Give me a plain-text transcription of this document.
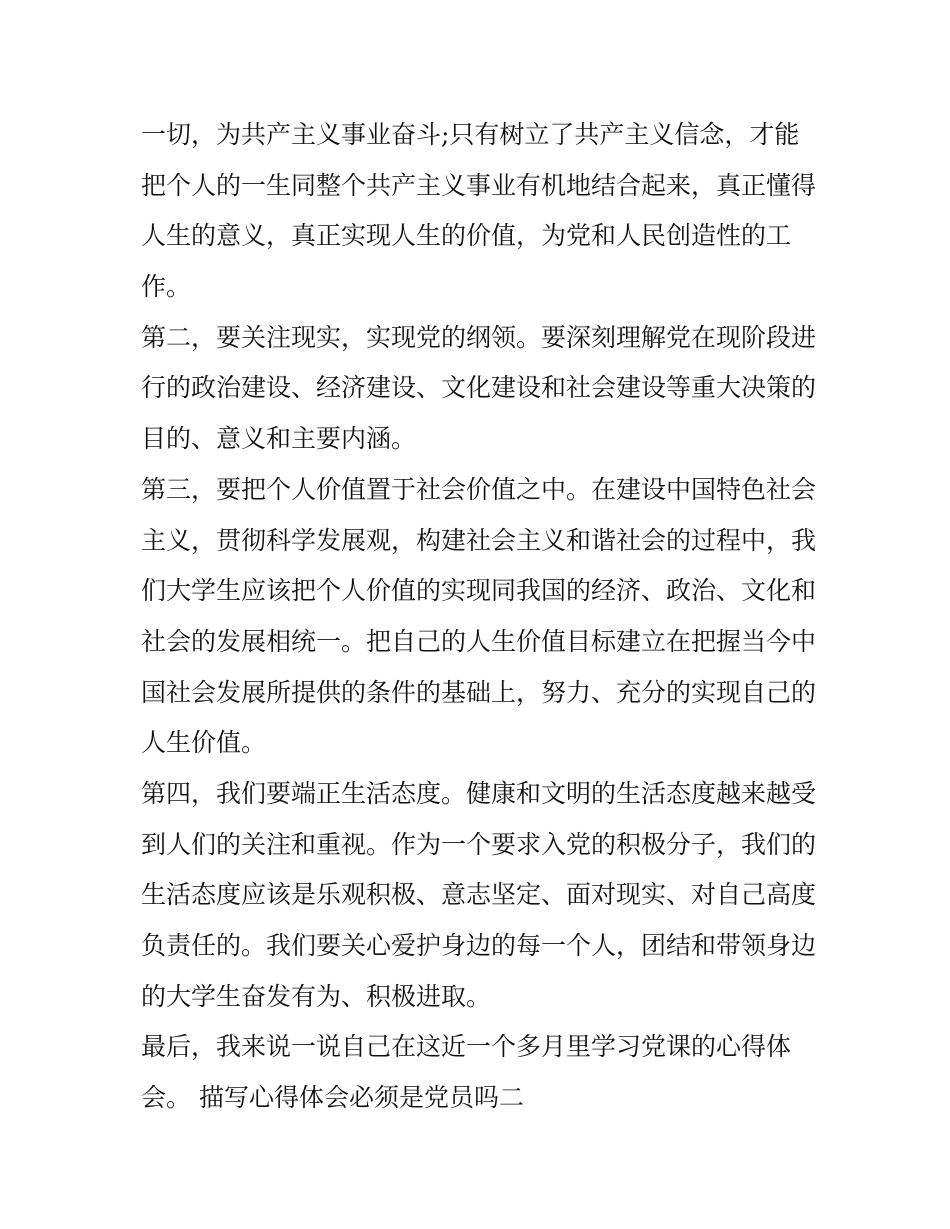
一切，为共产主义事业奋斗;只有树立了共产主义信念，才能
把个人的一生同整个共产主义事业有机地结合起来，真正懂得
人生的意义，真正实现人生的价值，为党和人民创造性的工
作。
第二，要关注现实，实现党的纲领。要深刻理解党在现阶段进
行的政治建设、经济建设、文化建设和社会建设等重大决策的
目的、意义和主要内涵。
第三，要把个人价值置于社会价值之中。在建设中国特色社会
主义，贯彻科学发展观，构建社会主义和谐社会的过程中，我
们大学生应该把个人价值的实现同我国的经济、政治、文化和
社会的发展相统一。把自己的人生价值目标建立在把握当今中
国社会发展所提供的条件的基础上，努力、充分的实现自己的
人生价值。
第四，我们要端正生活态度。健康和文明的生活态度越来越受
到人们的关注和重视。作为一个要求入党的积极分子，我们的
生活态度应该是乐观积极、意志坚定、面对现实、对自己高度
负责任的。我们要关心爱护身边的每一个人，团结和带领身边
的大学生奋发有为、积极进取。
最后，我来说一说自己在这近一个多月里学习党课的心得体
会。 描写心得体会必须是党员吗二
